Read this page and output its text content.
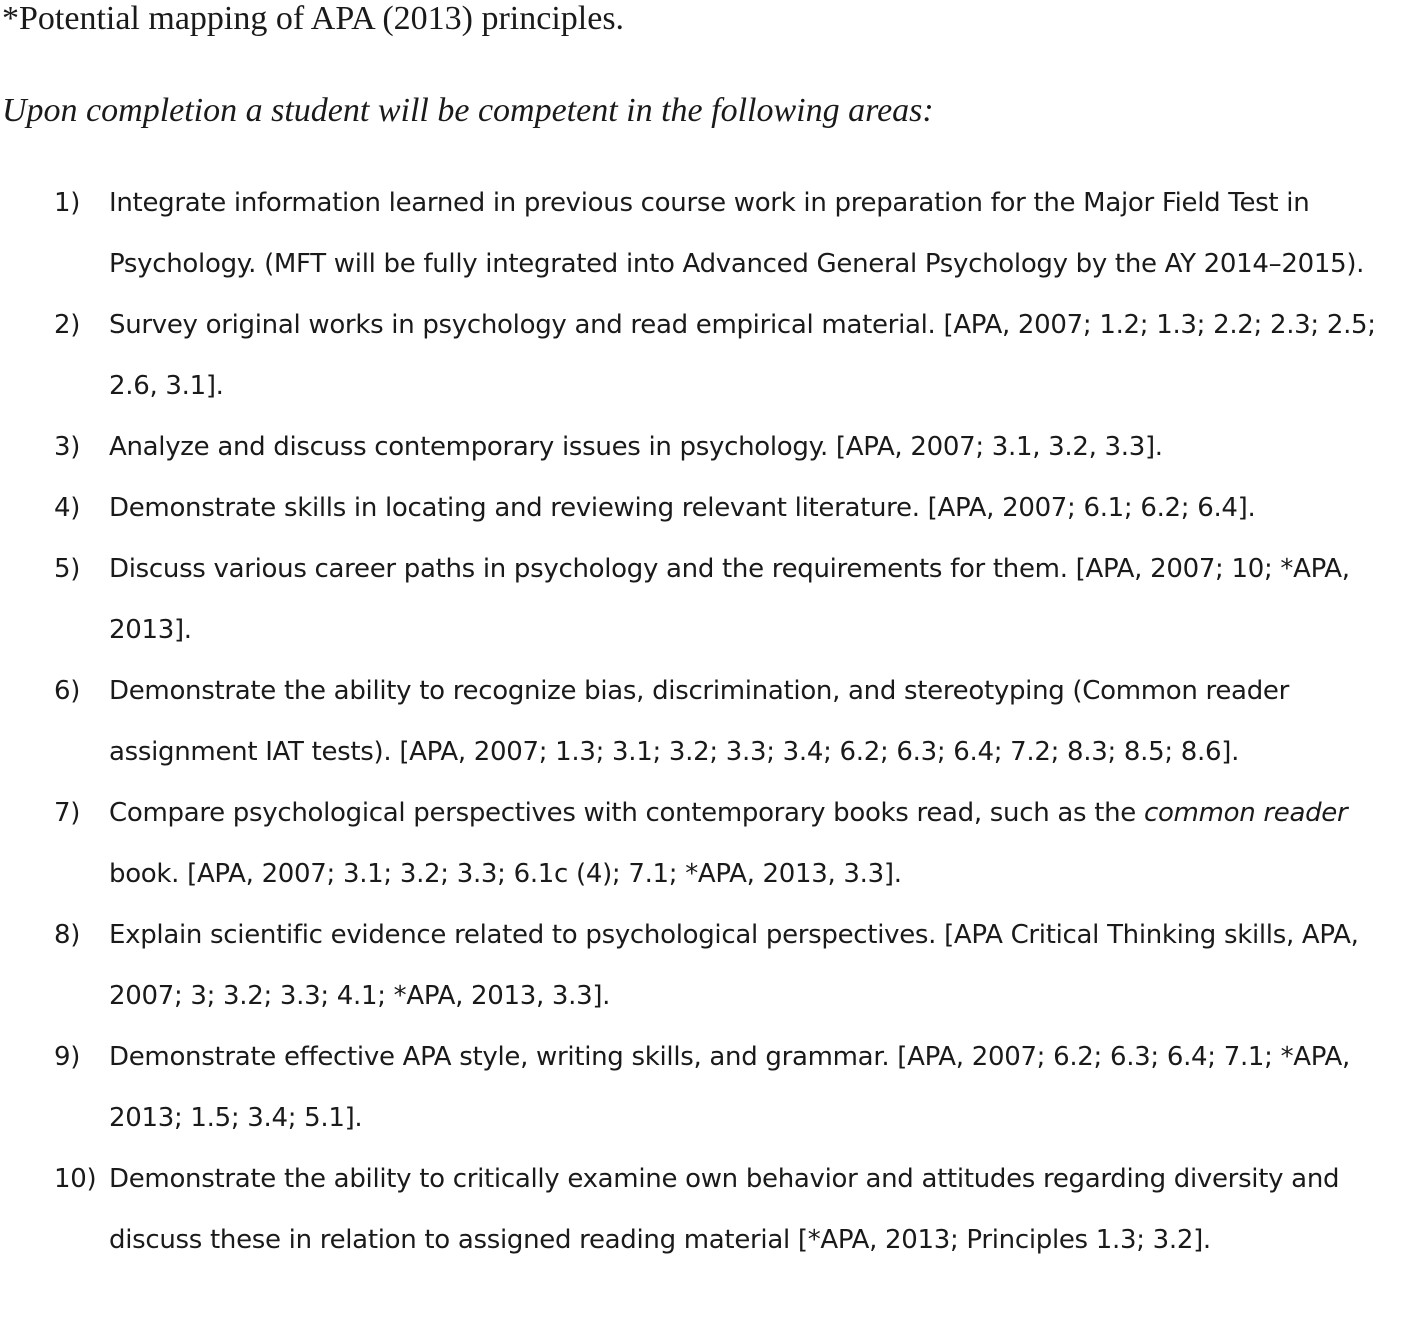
*Potential mapping of APA (2013) principles.
Upon completion a student will be competent in the following areas:
1) Integrate information learned in previous course work in preparation for the Major Field Test in Psychology. (MFT will be fully integrated into Advanced General Psychology by the AY 2014–2015).
2) Survey original works in psychology and read empirical material. [APA, 2007; 1.2; 1.3; 2.2; 2.3; 2.5; 2.6, 3.1].
3) Analyze and discuss contemporary issues in psychology. [APA, 2007; 3.1, 3.2, 3.3].
4) Demonstrate skills in locating and reviewing relevant literature. [APA, 2007; 6.1; 6.2; 6.4].
5) Discuss various career paths in psychology and the requirements for them. [APA, 2007; 10; *APA, 2013].
6) Demonstrate the ability to recognize bias, discrimination, and stereotyping (Common reader assignment IAT tests). [APA, 2007; 1.3; 3.1; 3.2; 3.3; 3.4; 6.2; 6.3; 6.4; 7.2; 8.3; 8.5; 8.6].
7) Compare psychological perspectives with contemporary books read, such as the common reader book. [APA, 2007; 3.1; 3.2; 3.3; 6.1c (4); 7.1; *APA, 2013, 3.3].
8) Explain scientific evidence related to psychological perspectives. [APA Critical Thinking skills, APA, 2007; 3; 3.2; 3.3; 4.1; *APA, 2013, 3.3].
9) Demonstrate effective APA style, writing skills, and grammar. [APA, 2007; 6.2; 6.3; 6.4; 7.1; *APA, 2013; 1.5; 3.4; 5.1].
10) Demonstrate the ability to critically examine own behavior and attitudes regarding diversity and discuss these in relation to assigned reading material [*APA, 2013; Principles 1.3; 3.2].
